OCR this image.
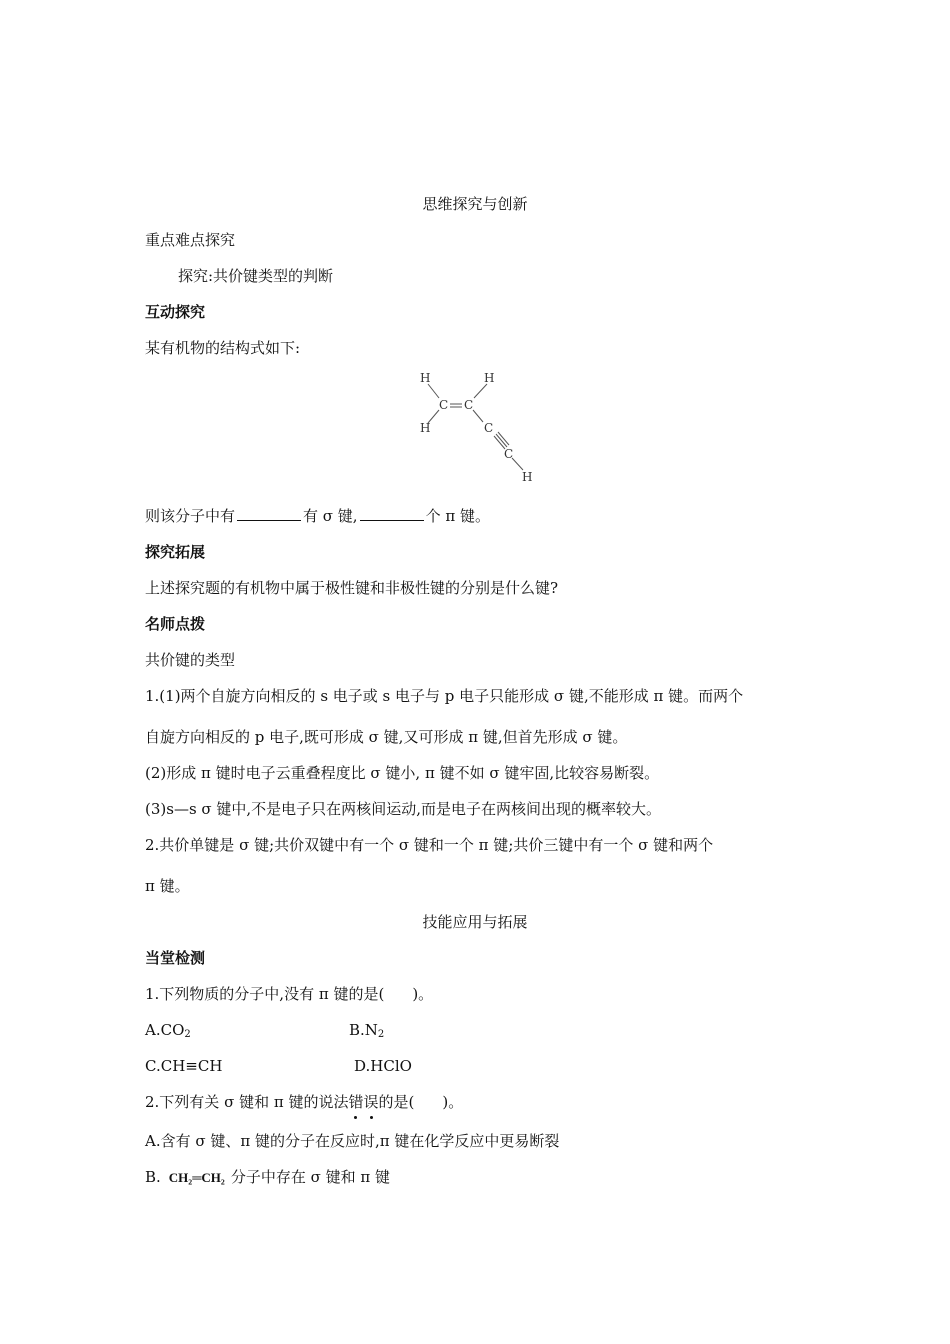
思维探究与创新
重点难点探究
探究:共价键类型的判断
互动探究
某有机物的结构式如下:
H
H
H
C C
C
C
H
则该分子中有	有 σ 键,	个 π 键。
探究拓展
上述探究题的有机物中属于极性键和非极性键的分别是什么键?
名师点拨
共价键的类型
1.(1)两个自旋方向相反的 s 电子或 s 电子与 p 电子只能形成 σ 键,不能形成 π 键。而两个
自旋方向相反的 p 电子,既可形成 σ 键,又可形成 π 键,但首先形成 σ 键。
(2)形成 π 键时电子云重叠程度比 σ 键小, π 键不如 σ 键牢固,比较容易断裂。
(3)s—s σ 键中,不是电子只在两核间运动,而是电子在两核间出现的概率较大。
2.共价单键是 σ 键;共价双键中有一个 σ 键和一个 π 键;共价三键中有一个 σ 键和两个
π 键。
技能应用与拓展
当堂检测
1.下列物质的分子中,没有 π 键的是( )。
$A.CO_2$	$B.N_2$
C.CH≡CH	D.HClO
2.下列有关 σ 键和 π 键的说法错误的是( )。
A.含有 σ 键、π 键的分子在反应时,π 键在化学反应中更易断裂
B. CH₂═CH₂ 分子中存在 σ 键和 π 键
